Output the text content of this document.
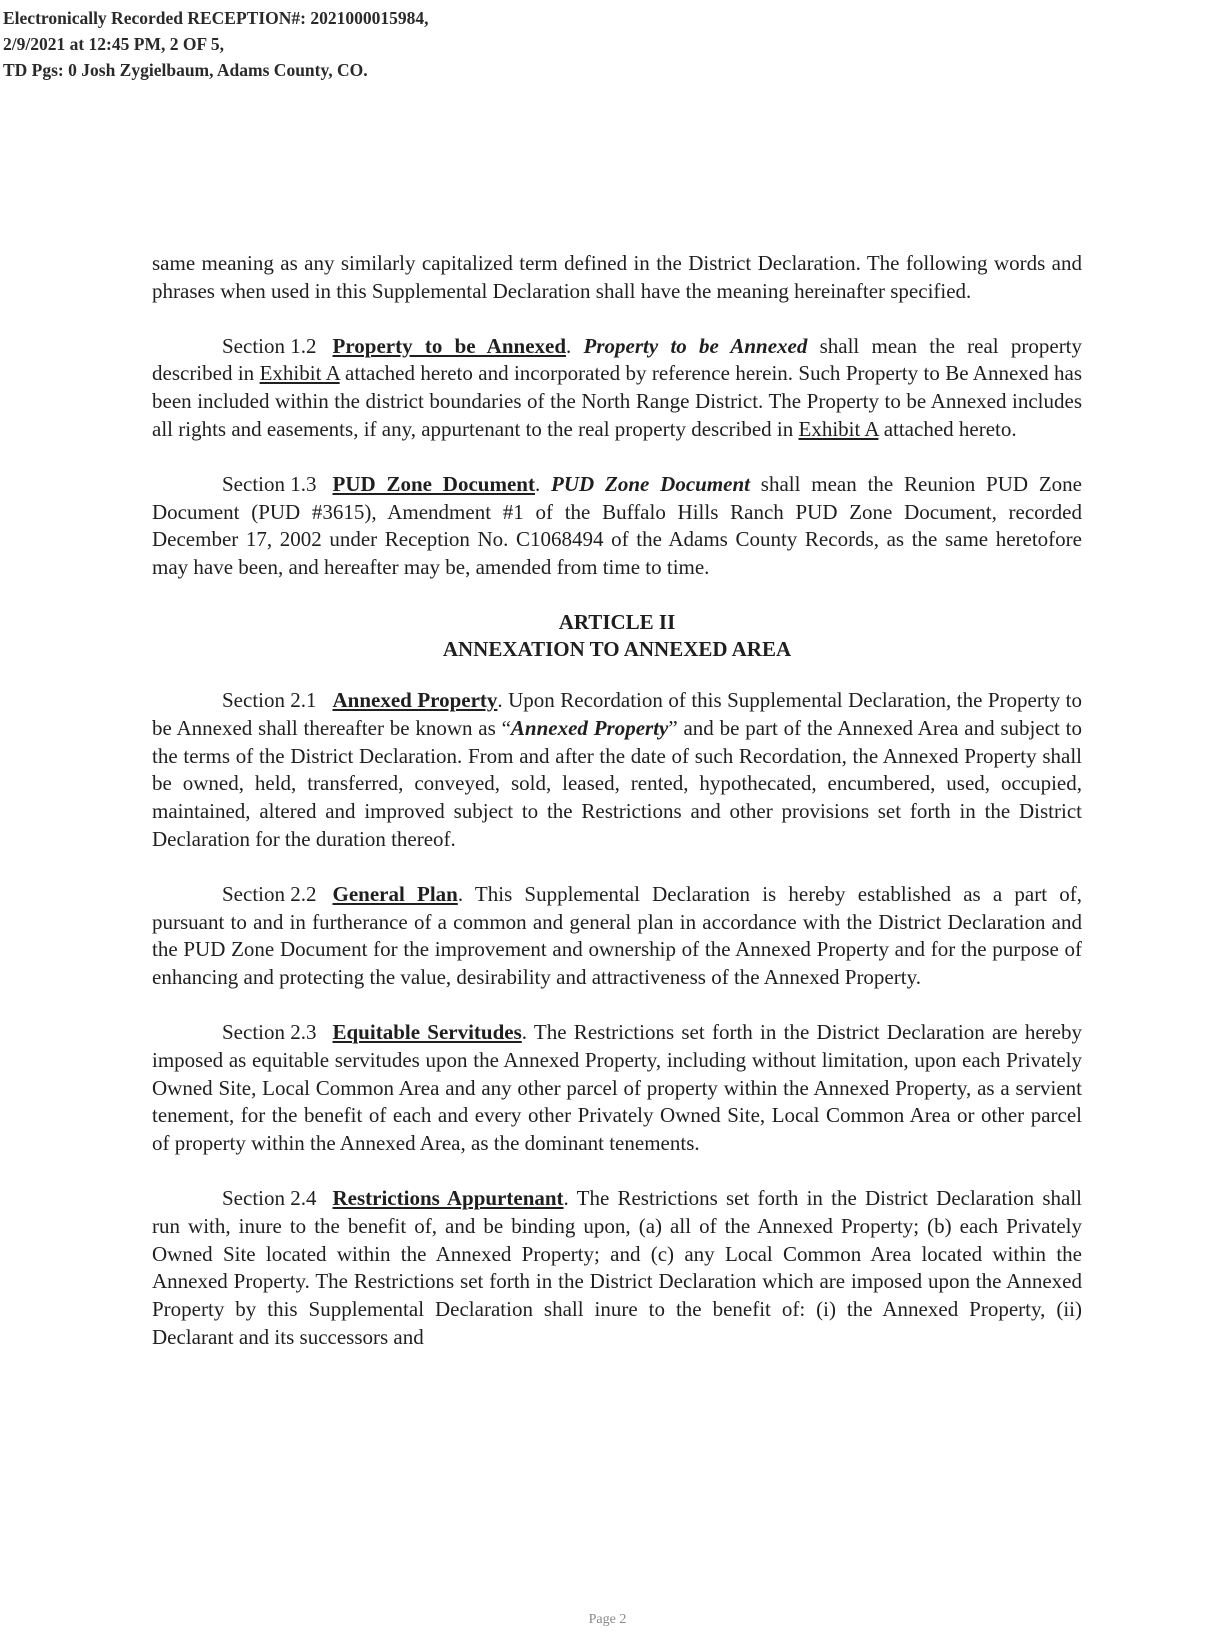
Electronically Recorded RECEPTION#: 2021000015984,
2/9/2021 at 12:45 PM, 2 OF 5,
TD Pgs: 0 Josh Zygielbaum, Adams County, CO.

same meaning as any similarly capitalized term defined in the District Declaration. The following words and phrases when used in this Supplemental Declaration shall have the meaning hereinafter specified.

Section 1.2 Property to be Annexed. Property to be Annexed shall mean the real property described in Exhibit A attached hereto and incorporated by reference herein. Such Property to Be Annexed has been included within the district boundaries of the North Range District. The Property to be Annexed includes all rights and easements, if any, appurtenant to the real property described in Exhibit A attached hereto.

Section 1.3 PUD Zone Document. PUD Zone Document shall mean the Reunion PUD Zone Document (PUD #3615), Amendment #1 of the Buffalo Hills Ranch PUD Zone Document, recorded December 17, 2002 under Reception No. C1068494 of the Adams County Records, as the same heretofore may have been, and hereafter may be, amended from time to time.

ARTICLE II
ANNEXATION TO ANNEXED AREA

Section 2.1 Annexed Property. Upon Recordation of this Supplemental Declaration, the Property to be Annexed shall thereafter be known as “Annexed Property” and be part of the Annexed Area and subject to the terms of the District Declaration. From and after the date of such Recordation, the Annexed Property shall be owned, held, transferred, conveyed, sold, leased, rented, hypothecated, encumbered, used, occupied, maintained, altered and improved subject to the Restrictions and other provisions set forth in the District Declaration for the duration thereof.

Section 2.2 General Plan. This Supplemental Declaration is hereby established as a part of, pursuant to and in furtherance of a common and general plan in accordance with the District Declaration and the PUD Zone Document for the improvement and ownership of the Annexed Property and for the purpose of enhancing and protecting the value, desirability and attractiveness of the Annexed Property.

Section 2.3 Equitable Servitudes. The Restrictions set forth in the District Declaration are hereby imposed as equitable servitudes upon the Annexed Property, including without limitation, upon each Privately Owned Site, Local Common Area and any other parcel of property within the Annexed Property, as a servient tenement, for the benefit of each and every other Privately Owned Site, Local Common Area or other parcel of property within the Annexed Area, as the dominant tenements.

Section 2.4 Restrictions Appurtenant. The Restrictions set forth in the District Declaration shall run with, inure to the benefit of, and be binding upon, (a) all of the Annexed Property; (b) each Privately Owned Site located within the Annexed Property; and (c) any Local Common Area located within the Annexed Property. The Restrictions set forth in the District Declaration which are imposed upon the Annexed Property by this Supplemental Declaration shall inure to the benefit of: (i) the Annexed Property, (ii) Declarant and its successors and

Page 2
